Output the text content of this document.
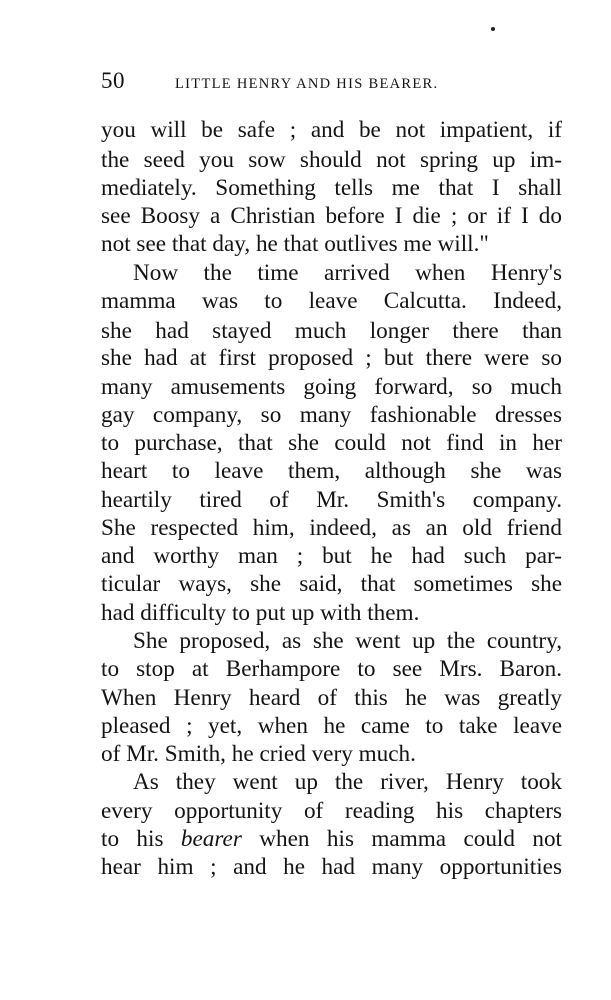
50	LITTLE HENRY AND HIS BEARER.
you will be safe ; and be not impatient, if
the seed you sow should not spring up im-
mediately. Something tells me that I shall
see Boosy a Christian before I die ; or if I do
not see that day, he that outlives me will."
Now the time arrived when Henry's
mamma was to leave Calcutta. Indeed,
she had stayed much longer there than
she had at first proposed ; but there were so
many amusements going forward, so much
gay company, so many fashionable dresses
to purchase, that she could not find in her
heart to leave them, although she was
heartily tired of Mr. Smith's company.
She respected him, indeed, as an old friend
and worthy man ; but he had such par-
ticular ways, she said, that sometimes she
had difficulty to put up with them.
She proposed, as she went up the country,
to stop at Berhampore to see Mrs. Baron.
When Henry heard of this he was greatly
pleased ; yet, when he came to take leave
of Mr. Smith, he cried very much.
As they went up the river, Henry took
every opportunity of reading his chapters
to his bearer when his mamma could not
hear him ; and he had many opportunities
